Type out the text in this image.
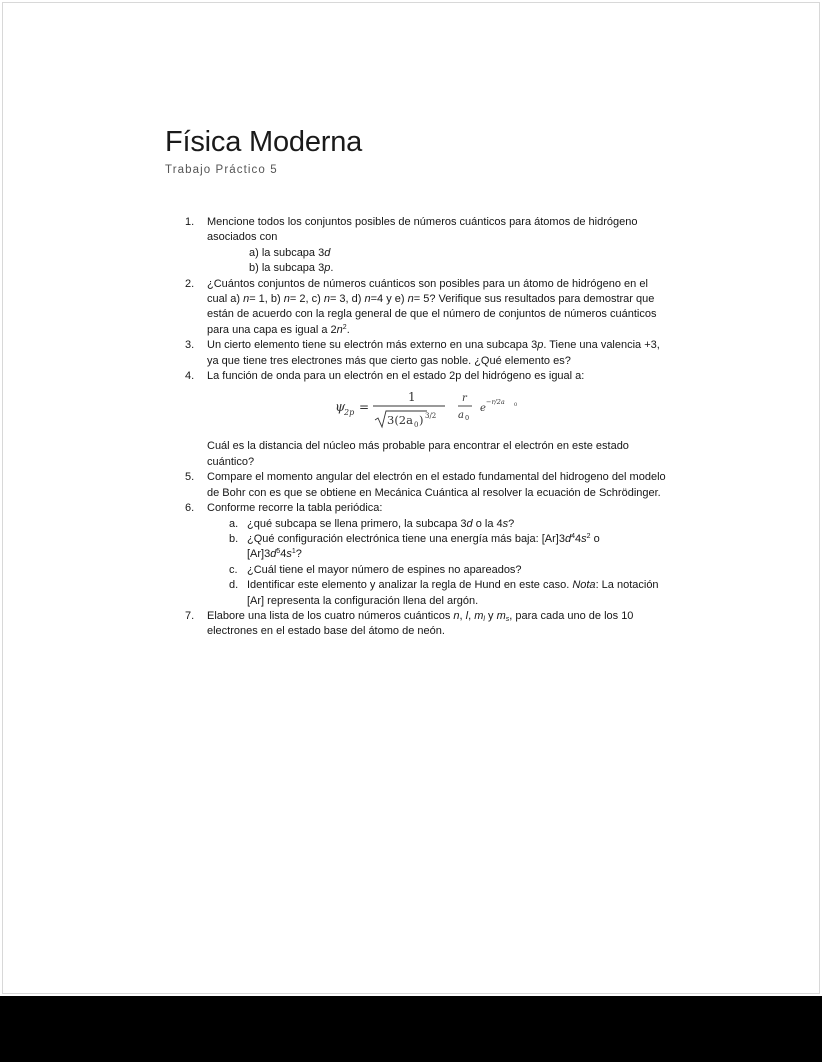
Física Moderna
Trabajo Práctico 5
1. Mencione todos los conjuntos posibles de números cuánticos para átomos de hidrógeno asociados con
a) la subcapa 3d
b) la subcapa 3p.
2. ¿Cuántos conjuntos de números cuánticos son posibles para un átomo de hidrógeno en el cual a) n= 1, b) n= 2, c) n= 3, d) n=4 y e) n= 5? Verifique sus resultados para demostrar que están de acuerdo con la regla general de que el número de conjuntos de números cuánticos para una capa es igual a $2n^2$.
3. Un cierto elemento tiene su electrón más externo en una subcapa 3p. Tiene una valencia +3, ya que tiene tres electrones más que cierto gas noble. ¿Qué elemento es?
4. La función de onda para un electrón en el estado 2p del hidrógeno es igual a:
ψ
2p =
1
3(2a 0 ) 3/2
r
a 0
e
−r/2a 0
Cuál es la distancia del núcleo más probable para encontrar el electrón en este estado cuántico?
5. Compare el momento angular del electrón en el estado fundamental del hidrogeno del modelo de Bohr con es que se obtiene en Mecánica Cuántica al resolver la ecuación de Schrödinger.
6. Conforme recorre la tabla periódica:
a. ¿qué subcapa se llena primero, la subcapa 3d o la 4s?
b. ¿Qué configuración electrónica tiene una energía más baja: $[Ar]3d^44s^2$ o
$[Ar]3d^54s^1$?
c. ¿Cuál tiene el mayor número de espines no apareados?
d. Identificar este elemento y analizar la regla de Hund en este caso. Nota: La notación [Ar] representa la configuración llena del argón.
7. Elabore una lista de los cuatro números cuánticos n, l, $m_l$ y $m_s$, para cada uno de los 10 electrones en el estado base del átomo de neón.
